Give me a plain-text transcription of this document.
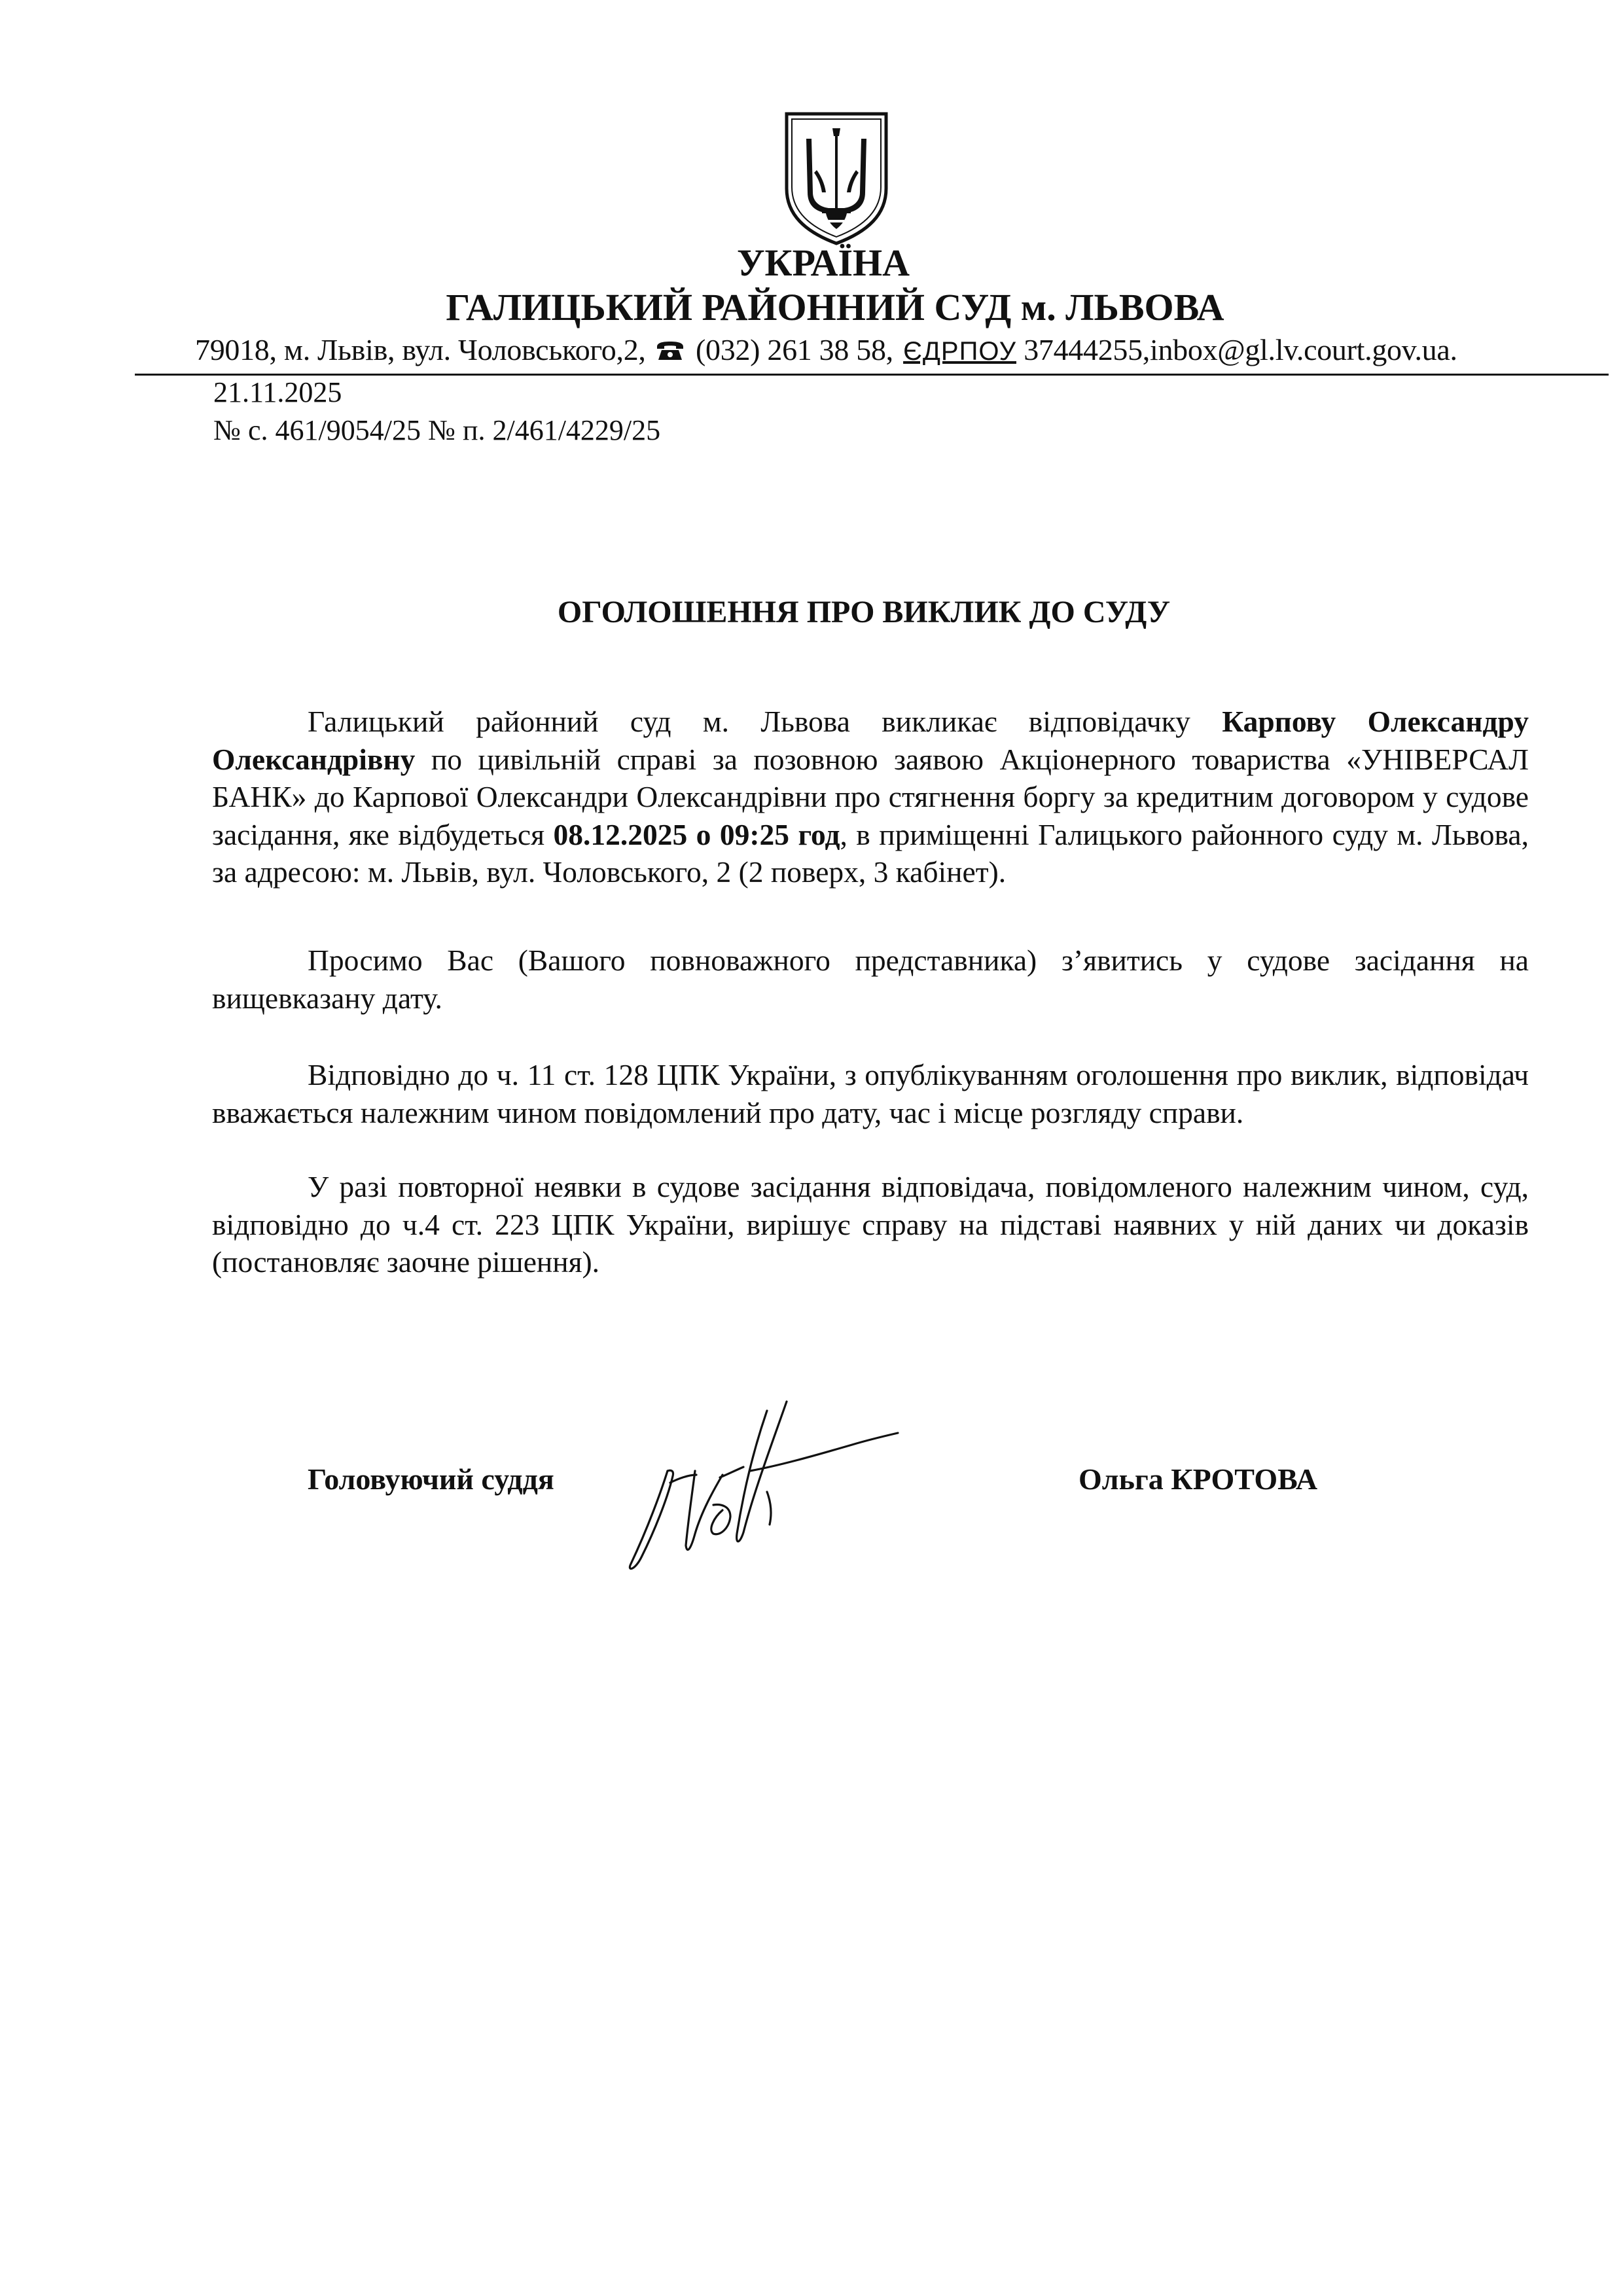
УКРАЇНА
ГАЛИЦЬКИЙ РАЙОННИЙ СУД м. ЛЬВОВА
79018, м. Львів, вул. Чоловського,2, (032) 261 38 58, ЄДРПОУ 37444255,inbox@gl.lv.court.gov.ua.
21.11.2025
№ с. 461/9054/25 № п. 2/461/4229/25
ОГОЛОШЕННЯ ПРО ВИКЛИК ДО СУДУ

Галицький районний суд м. Львова викликає відповідачку Карпову Олександру Олександрівну по цивільній справі за позовною заявою Акціонерного товариства «УНІВЕРСАЛ БАНК» до Карпової Олександри Олександрівни про стягнення боргу за кредитним договором у судове засідання, яке відбудеться 08.12.2025 о 09:25 год, в приміщенні Галицького районного суду м. Львова, за адресою: м. Львів, вул. Чоловського, 2 (2 поверх, 3 кабінет).

Просимо Вас (Вашого повноважного представника) з’явитись у судове засідання на вищевказану дату.

Відповідно до ч. 11 ст. 128 ЦПК України, з опублікуванням оголошення про виклик, відповідач вважається належним чином повідомлений про дату, час і місце розгляду справи.

У разі повторної неявки в судове засідання відповідача, повідомленого належним чином, суд, відповідно до ч.4 ст. 223 ЦПК України, вирішує справу на підставі наявних у ній даних чи доказів (постановляє заочне рішення).

Головуючий суддя	Ольга КРОТОВА
